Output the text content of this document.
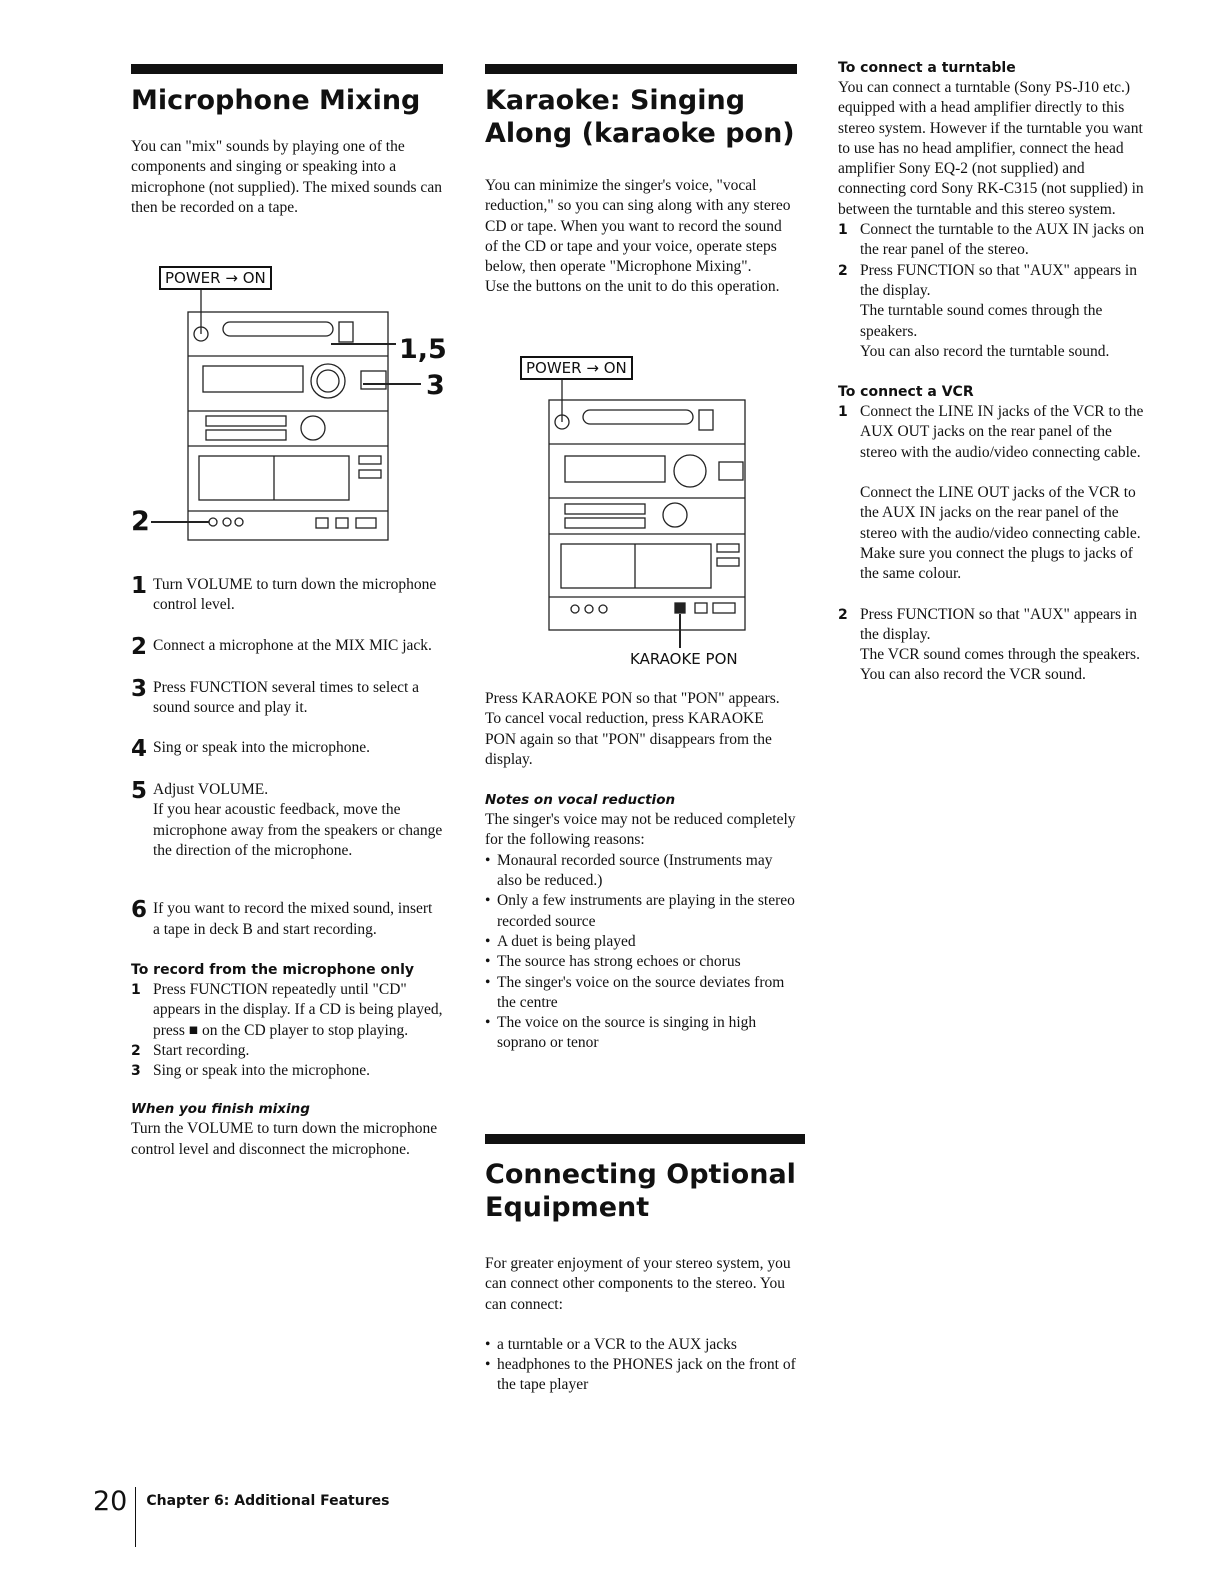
Microphone Mixing

You can "mix" sounds by playing one of the components and singing or speaking into a microphone (not supplied). The mixed sounds can then be recorded on a tape.

POWER → ON
1,5
3
2
1 Turn VOLUME to turn down the microphone control level.
2 Connect a microphone at the MIX MIC jack.
3 Press FUNCTION several times to select a sound source and play it.
4 Sing or speak into the microphone.
5 Adjust VOLUME.
If you hear acoustic feedback, move the microphone away from the speakers or change the direction of the microphone.
6 If you want to record the mixed sound, insert a tape in deck B and start recording.

To record from the microphone only

1 Press FUNCTION repeatedly until "CD" appears in the display. If a CD is being played, press ■ on the CD player to stop playing.
2 Start recording.
3 Sing or speak into the microphone.

When you finish mixing

Turn the VOLUME to turn down the microphone control level and disconnect the microphone.

Karaoke: Singing Along (karaoke pon)

You can minimize the singer's voice, "vocal reduction," so you can sing along with any stereo CD or tape. When you want to record the sound of the CD or tape and your voice, operate steps below, then operate "Microphone Mixing".
Use the buttons on the unit to do this operation.

POWER → ON
KARAOKE PON

Press KARAOKE PON so that "PON" appears. To cancel vocal reduction, press KARAOKE PON again so that "PON" disappears from the display.

Notes on vocal reduction

The singer's voice may not be reduced completely for the following reasons:

• Monaural recorded source (Instruments may also be reduced.)
• Only a few instruments are playing in the stereo recorded source
• A duet is being played
• The source has strong echoes or chorus
• The singer's voice on the source deviates from the centre
• The voice on the source is singing in high soprano or tenor
Connecting Optional Equipment

For greater enjoyment of your stereo system, you can connect other components to the stereo. You can connect:

• a turntable or a VCR to the AUX jacks
• headphones to the PHONES jack on the front of the tape player

To connect a turntable

You can connect a turntable (Sony PS-J10 etc.) equipped with a head amplifier directly to this stereo system. However if the turntable you want to use has no head amplifier, connect the head amplifier Sony EQ-2 (not supplied) and connecting cord Sony RK-C315 (not supplied) in between the turntable and this stereo system.

1 Connect the turntable to the AUX IN jacks on the rear panel of the stereo.
2 Press FUNCTION so that "AUX" appears in the display.
The turntable sound comes through the speakers.
You can also record the turntable sound.

To connect a VCR

1 Connect the LINE IN jacks of the VCR to the AUX OUT jacks on the rear panel of the stereo with the audio/video connecting cable.
Connect the LINE OUT jacks of the VCR to the AUX IN jacks on the rear panel of the stereo with the audio/video connecting cable.
Make sure you connect the plugs to jacks of the same colour.
2 Press FUNCTION so that "AUX" appears in the display.
The VCR sound comes through the speakers.
You can also record the VCR sound.
20	Chapter 6: Additional Features
